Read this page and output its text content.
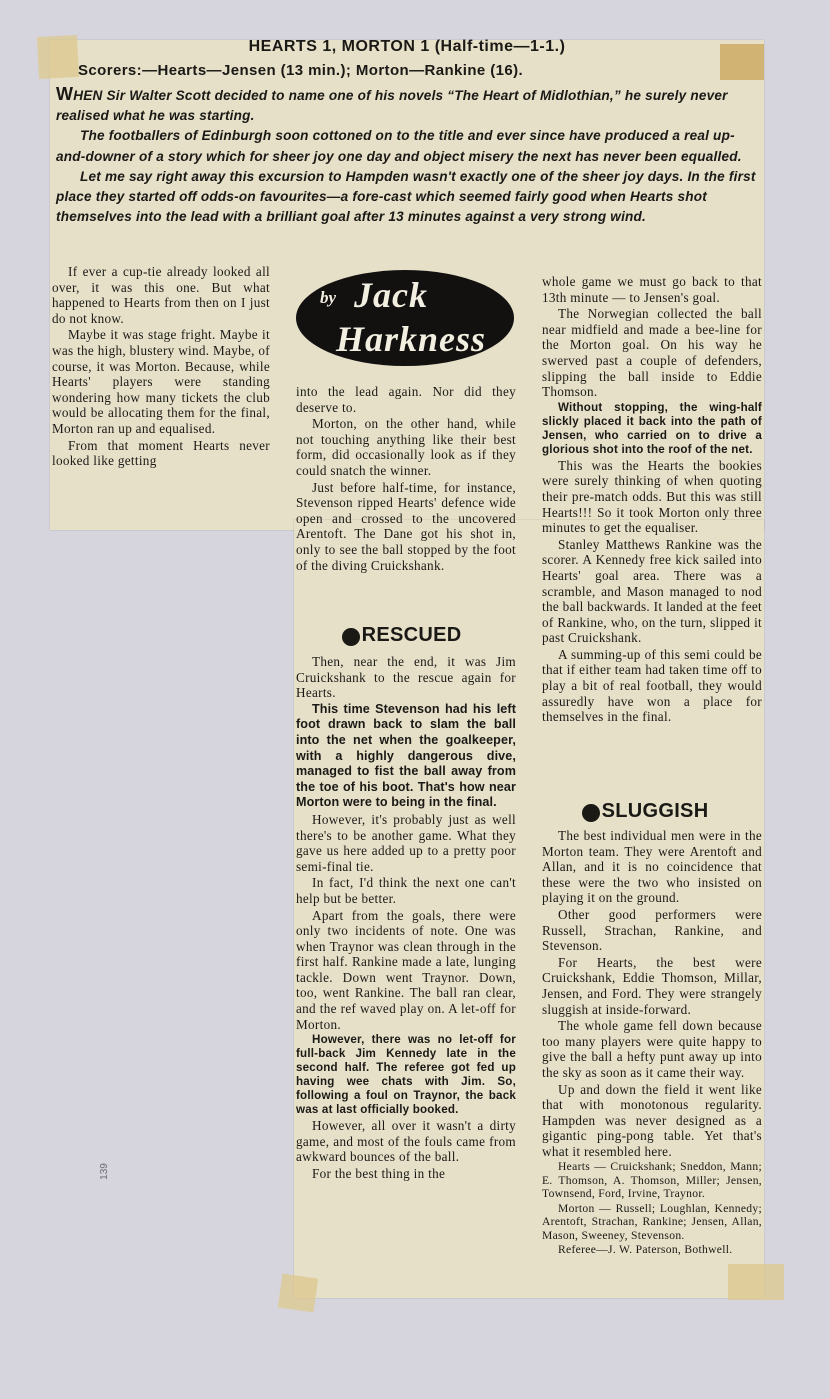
HEARTS 1, MORTON 1 (Half-time—1-1.)
Scorers:—Hearts—Jensen (13 min.); Morton—Rankine (16).

WHEN Sir Walter Scott decided to name one of his novels “The Heart of Midlothian,” he surely never realised what he was starting.

The footballers of Edinburgh soon cottoned on to the title and ever since have produced a real up-and-downer of a story which for sheer joy one day and object misery the next has never been equalled.

Let me say right away this excursion to Hampden wasn't exactly one of the sheer joy days. In the first place they started off odds-on favourites—a fore-cast which seemed fairly good when Hearts shot themselves into the lead with a brilliant goal after 13 minutes against a very strong wind.

If ever a cup-tie already looked all over, it was this one. But what happened to Hearts from then on I just do not know.

Maybe it was stage fright. Maybe it was the high, blustery wind. Maybe, of course, it was Morton. Because, while Hearts' players were standing wondering how many tickets the club would be allocating them for the final, Morton ran up and equalised.

From that moment Hearts never looked like getting

by Jack
Harkness

into the lead again. Nor did they deserve to.

Morton, on the other hand, while not touching anything like their best form, did occasionally look as if they could snatch the winner.

Just before half-time, for instance, Stevenson ripped Hearts' defence wide open and crossed to the uncovered Arentoft. The Dane got his shot in, only to see the ball stopped by the foot of the diving Cruickshank.

RESCUED

Then, near the end, it was Jim Cruickshank to the rescue again for Hearts.

This time Stevenson had his left foot drawn back to slam the ball into the net when the goalkeeper, with a highly dangerous dive, managed to fist the ball away from the toe of his boot. That's how near Morton were to being in the final.

However, it's probably just as well there's to be another game. What they gave us here added up to a pretty poor semi-final tie.

In fact, I'd think the next one can't help but be better.

Apart from the goals, there were only two incidents of note. One was when Traynor was clean through in the first half. Rankine made a late, lunging tackle. Down went Traynor. Down, too, went Rankine. The ball ran clear, and the ref waved play on. A let-off for Morton.

However, there was no let-off for full-back Jim Kennedy late in the second half. The referee got fed up having wee chats with Jim. So, following a foul on Traynor, the back was at last officially booked.

However, all over it wasn't a dirty game, and most of the fouls came from awkward bounces of the ball.

For the best thing in the

whole game we must go back to that 13th minute — to Jensen's goal.

The Norwegian collected the ball near midfield and made a bee-line for the Morton goal. On his way he swerved past a couple of defenders, slipping the ball inside to Eddie Thomson.

Without stopping, the wing-half slickly placed it back into the path of Jensen, who carried on to drive a glorious shot into the roof of the net.

This was the Hearts the bookies were surely thinking of when quoting their pre-match odds. But this was still Hearts!!! So it took Morton only three minutes to get the equaliser.

Stanley Matthews Rankine was the scorer. A Kennedy free kick sailed into Hearts' goal area. There was a scramble, and Mason managed to nod the ball backwards. It landed at the feet of Rankine, who, on the turn, slipped it past Cruickshank.

A summing-up of this semi could be that if either team had taken time off to play a bit of real football, they would assuredly have won a place for themselves in the final.

SLUGGISH

The best individual men were in the Morton team. They were Arentoft and Allan, and it is no coincidence that these were the two who insisted on playing it on the ground.

Other good performers were Russell, Strachan, Rankine, and Stevenson.

For Hearts, the best were Cruickshank, Eddie Thomson, Millar, Jensen, and Ford. They were strangely sluggish at inside-forward.

The whole game fell down because too many players were quite happy to give the ball a hefty punt away up into the sky as soon as it came their way.

Up and down the field it went like that with monotonous regularity. Hampden was never designed as a gigantic ping-pong table. Yet that's what it resembled here.

Hearts — Cruickshank; Sneddon, Mann; E. Thomson, A. Thomson, Miller; Jensen, Townsend, Ford, Irvine, Traynor.

Morton — Russell; Loughlan, Kennedy; Arentoft, Strachan, Rankine; Jensen, Allan, Mason, Sweeney, Stevenson.

Referee—J. W. Paterson, Bothwell.

139
